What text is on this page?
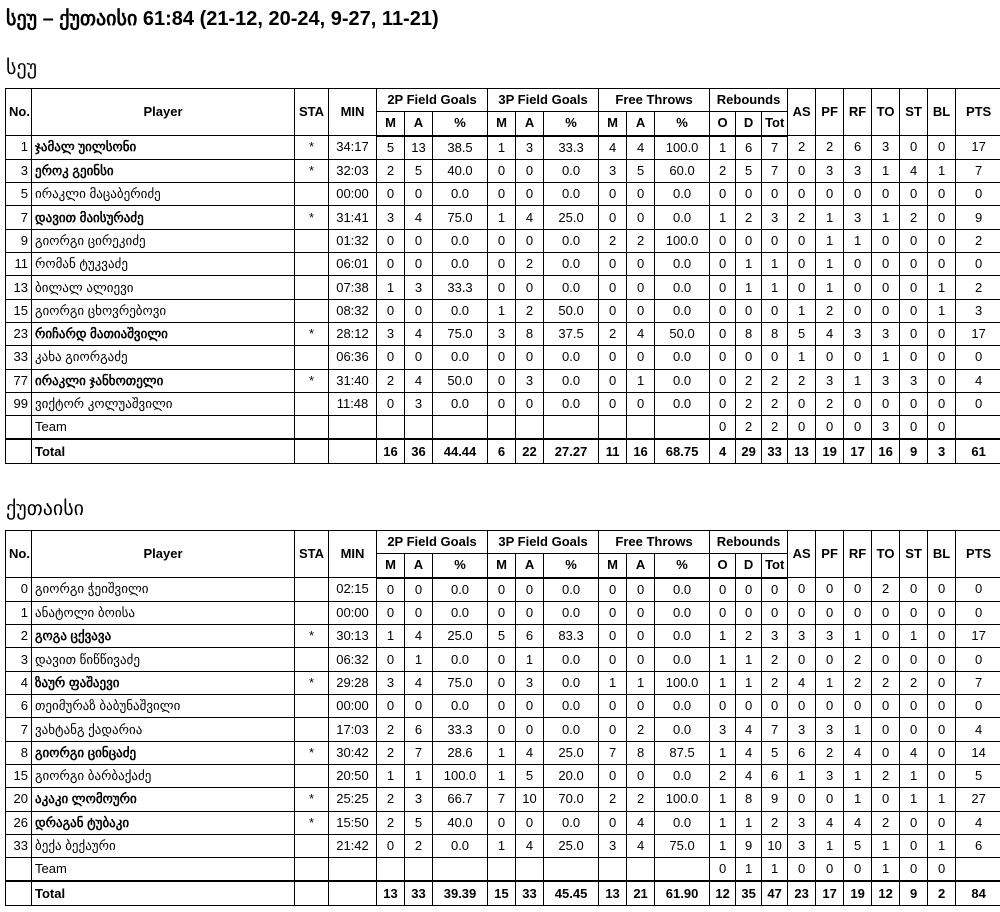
სეუ – ქუთაისი 61:84 (21-12, 20-24, 9-27, 11-21)
სეუ
No.	Player	STA	MIN	2P Field Goals			3P Field Goals			Free Throws			Rebounds			AS	PF	RF	TO	ST	BL	PTS
				M	A	%	M	A	%	M	A	%	O	D	Tot							
1	ჯამალ უილსონი	*	34:17	5	13	38.5	1	3	33.3	4	4	100.0	1	6	7	2	2	6	3	0	0	17
3	ეროკ გეინსი	*	32:03	2	5	40.0	0	0	0.0	3	5	60.0	2	5	7	0	3	3	1	4	1	7
5	ირაკლი მაცაბერიძე		00:00	0	0	0.0	0	0	0.0	0	0	0.0	0	0	0	0	0	0	0	0	0	0
7	დავით მაისურაძე	*	31:41	3	4	75.0	1	4	25.0	0	0	0.0	1	2	3	2	1	3	1	2	0	9
9	გიორგი ცირეკიძე		01:32	0	0	0.0	0	0	0.0	2	2	100.0	0	0	0	0	1	1	0	0	0	2
11	რომან ტუკვაძე		06:01	0	0	0.0	0	2	0.0	0	0	0.0	0	1	1	0	1	0	0	0	0	0
13	ბილალ ალიევი		07:38	1	3	33.3	0	0	0.0	0	0	0.0	0	1	1	0	1	0	0	0	1	2
15	გიორგი ცხოვრებოვი		08:32	0	0	0.0	1	2	50.0	0	0	0.0	0	0	0	1	2	0	0	0	1	3
23	რიჩარდ მათიაშვილი	*	28:12	3	4	75.0	3	8	37.5	2	4	50.0	0	8	8	5	4	3	3	0	0	17
33	კახა გიორგაძე		06:36	0	0	0.0	0	0	0.0	0	0	0.0	0	0	0	1	0	0	1	0	0	0
77	ირაკლი ჯანხოთელი	*	31:40	2	4	50.0	0	3	0.0	0	1	0.0	0	2	2	2	3	1	3	3	0	4
99	ვიქტორ კოლუაშვილი		11:48	0	3	0.0	0	0	0.0	0	0	0.0	0	2	2	0	2	0	0	0	0	0
	Team												0	2	2	0	0	0	3	0	0	
	Total			16	36	44.44	6	22	27.27	11	16	68.75	4	29	33	13	19	17	16	9	3	61
ქუთაისი
No.	Player	STA	MIN	2P Field Goals			3P Field Goals			Free Throws			Rebounds			AS	PF	RF	TO	ST	BL	PTS
				M	A	%	M	A	%	M	A	%	O	D	Tot							
0	გიორგი ჭეიშვილი		02:15	0	0	0.0	0	0	0.0	0	0	0.0	0	0	0	0	0	0	2	0	0	0
1	ანატოლი ბოისა		00:00	0	0	0.0	0	0	0.0	0	0	0.0	0	0	0	0	0	0	0	0	0	0
2	გოგა ცქვავა	*	30:13	1	4	25.0	5	6	83.3	0	0	0.0	1	2	3	3	3	1	0	1	0	17
3	დავით წიწწივაძე		06:32	0	1	0.0	0	1	0.0	0	0	0.0	1	1	2	0	0	2	0	0	0	0
4	ზაურ ფაშაევი	*	29:28	3	4	75.0	0	3	0.0	1	1	100.0	1	1	2	4	1	2	2	2	0	7
6	თეიმურაზ ბაბუნაშვილი		00:00	0	0	0.0	0	0	0.0	0	0	0.0	0	0	0	0	0	0	0	0	0	0
7	ვახტანგ ქადარია		17:03	2	6	33.3	0	0	0.0	0	2	0.0	3	4	7	3	3	1	0	0	0	4
8	გიორგი ცინცაძე	*	30:42	2	7	28.6	1	4	25.0	7	8	87.5	1	4	5	6	2	4	0	4	0	14
15	გიორგი ბარბაქაძე		20:50	1	1	100.0	1	5	20.0	0	0	0.0	2	4	6	1	3	1	2	1	0	5
20	აკაკი ლომოური	*	25:25	2	3	66.7	7	10	70.0	2	2	100.0	1	8	9	0	0	1	0	1	1	27
26	დრაგან ტუბაკი	*	15:50	2	5	40.0	0	0	0.0	0	4	0.0	1	1	2	3	4	4	2	0	0	4
33	ბექა ბექაური		21:42	0	2	0.0	1	4	25.0	3	4	75.0	1	9	10	3	1	5	1	0	1	6
	Team												0	1	1	0	0	0	1	0	0	
	Total			13	33	39.39	15	33	45.45	13	21	61.90	12	35	47	23	17	19	12	9	2	84
